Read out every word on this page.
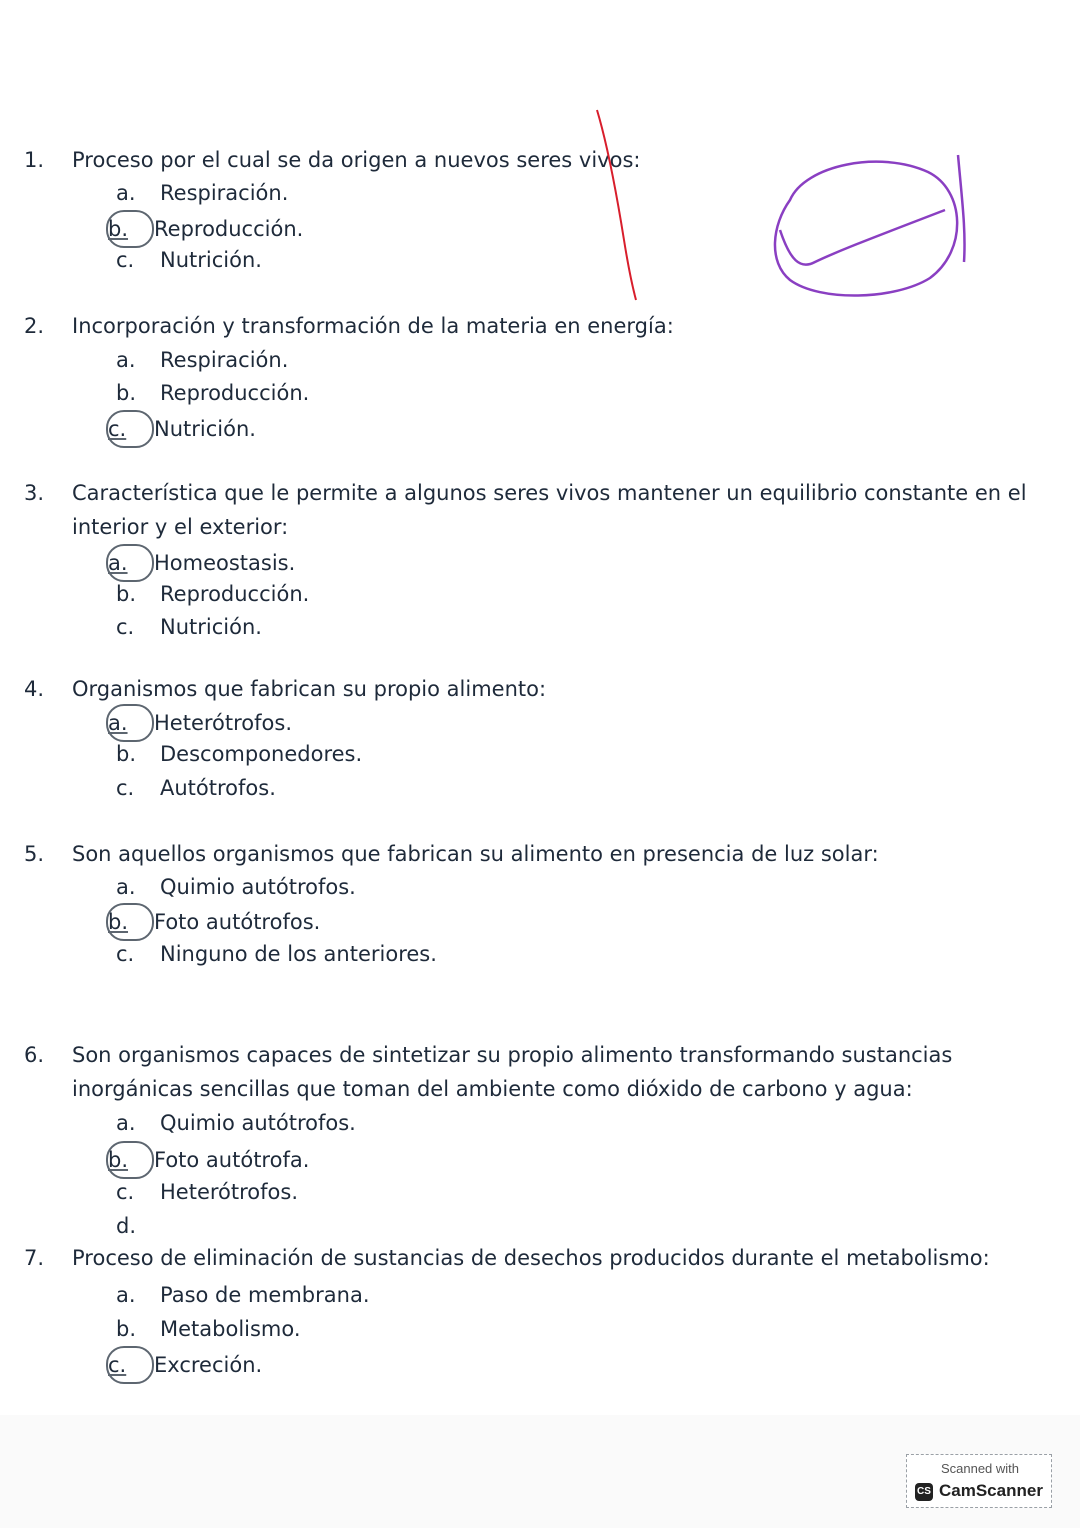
1. Proceso por el cual se da origen a nuevos seres vivos:
a. Respiración.
b. Reproducción.
c. Nutrición.
2. Incorporación y transformación de la materia en energía:
a. Respiración.
b. Reproducción.
c. Nutrición.
3. Característica que le permite a algunos seres vivos mantener un equilibrio constante en el
interior y el exterior:
a. Homeostasis.
b. Reproducción.
c. Nutrición.
4. Organismos que fabrican su propio alimento:
a. Heterótrofos.
b. Descomponedores.
c. Autótrofos.
5. Son aquellos organismos que fabrican su alimento en presencia de luz solar:
a. Quimio autótrofos.
b. Foto autótrofos.
c. Ninguno de los anteriores.
6. Son organismos capaces de sintetizar su propio alimento transformando sustancias
inorgánicas sencillas que toman del ambiente como dióxido de carbono y agua:
a. Quimio autótrofos.
b. Foto autótrofa.
c. Heterótrofos.
d.
7. Proceso de eliminación de sustancias de desechos producidos durante el metabolismo:
a. Paso de membrana.
b. Metabolismo.
c. Excreción.
Scanned with
CS CamScanner
